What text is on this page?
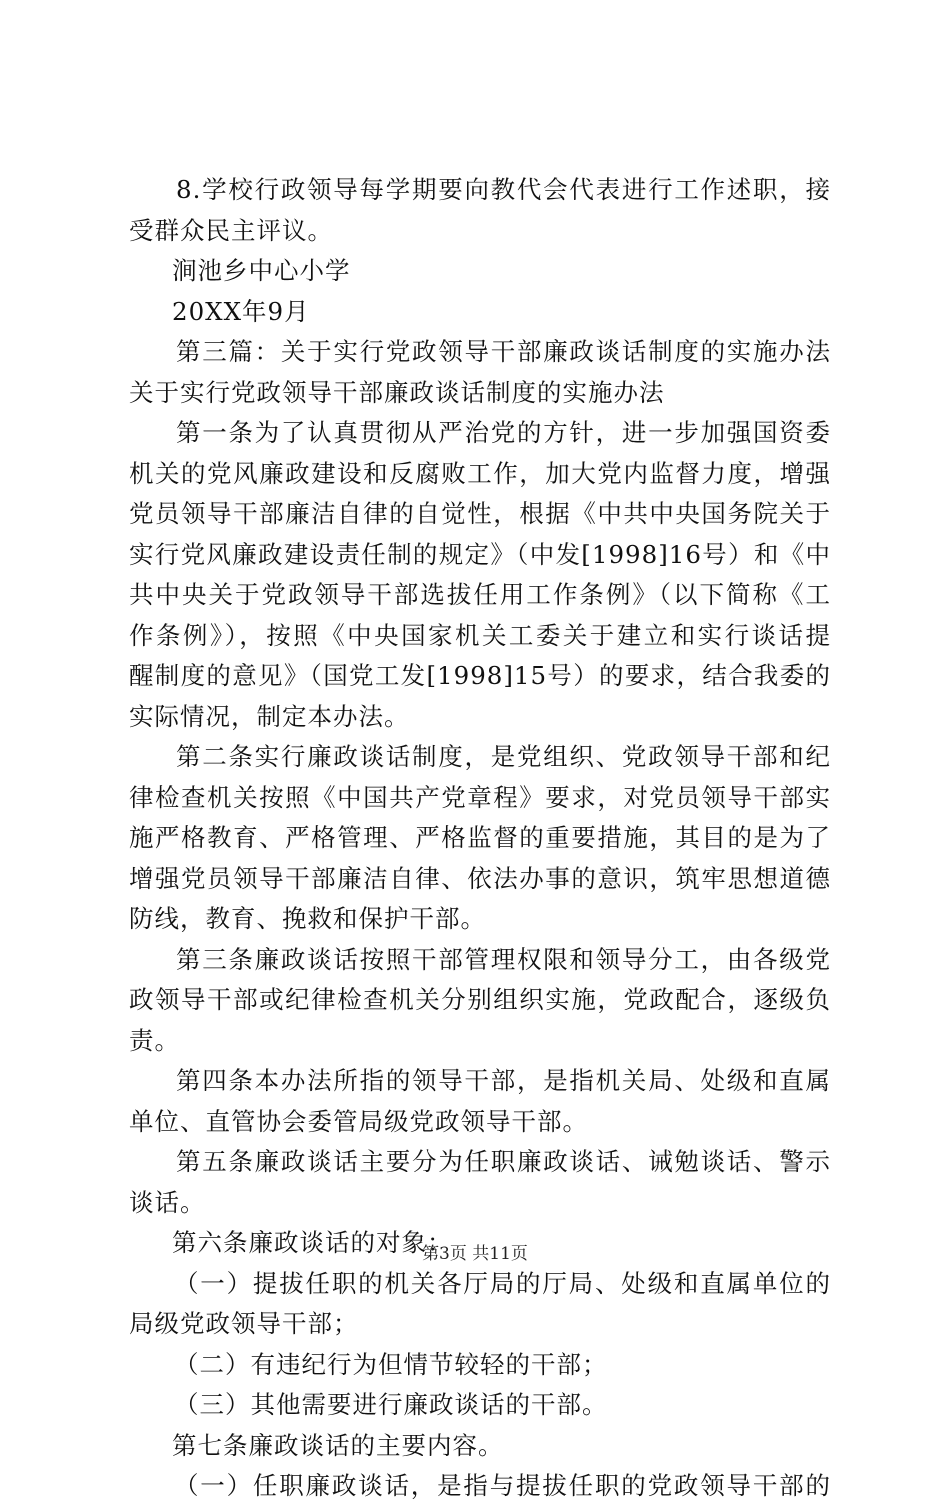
8.学校行政领导每学期要向教代会代表进行工作述职，接
受群众民主评议。
涧池乡中心小学
20XX年9月
第三篇：关于实行党政领导干部廉政谈话制度的实施办法
关于实行党政领导干部廉政谈话制度的实施办法
第一条为了认真贯彻从严治党的方针，进一步加强国资委
机关的党风廉政建设和反腐败工作，加大党内监督力度，增强
党员领导干部廉洁自律的自觉性，根据《中共中央国务院关于
实行党风廉政建设责任制的规定》（中发[1998]16号）和《中
共中央关于党政领导干部选拔任用工作条例》（以下简称《工
作条例》），按照《中央国家机关工委关于建立和实行谈话提
醒制度的意见》（国党工发[1998]15号）的要求，结合我委的
实际情况，制定本办法。
第二条实行廉政谈话制度，是党组织、党政领导干部和纪
律检查机关按照《中国共产党章程》要求，对党员领导干部实
施严格教育、严格管理、严格监督的重要措施，其目的是为了
增强党员领导干部廉洁自律、依法办事的意识，筑牢思想道德
防线，教育、挽救和保护干部。
第三条廉政谈话按照干部管理权限和领导分工，由各级党
政领导干部或纪律检查机关分别组织实施，党政配合，逐级负
责。
第四条本办法所指的领导干部，是指机关局、处级和直属
单位、直管协会委管局级党政领导干部。
第五条廉政谈话主要分为任职廉政谈话、诫勉谈话、警示
谈话。
第六条廉政谈话的对象：
（一）提拔任职的机关各厅局的厅局、处级和直属单位的
局级党政领导干部；
（二）有违纪行为但情节较轻的干部；
（三）其他需要进行廉政谈话的干部。
第七条廉政谈话的主要内容。
（一）任职廉政谈话，是指与提拔任职的党政领导干部的
第3页 共11页
